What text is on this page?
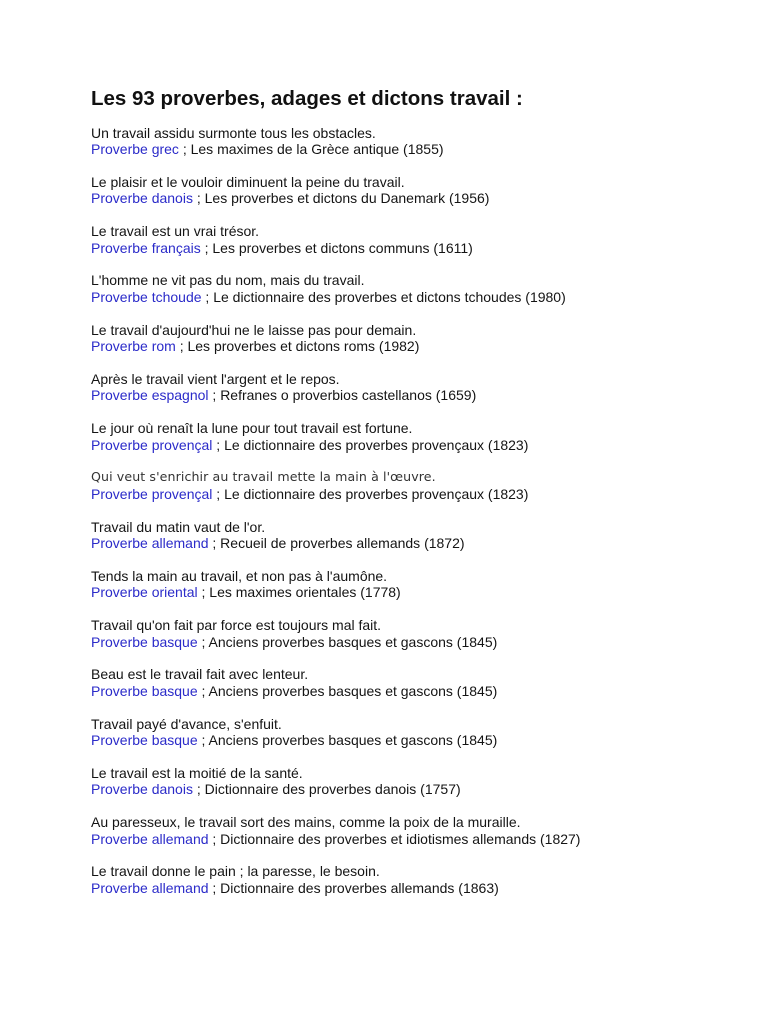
Les 93 proverbes, adages et dictons travail :
Un travail assidu surmonte tous les obstacles.
Proverbe grec ; Les maximes de la Grèce antique (1855)
Le plaisir et le vouloir diminuent la peine du travail.
Proverbe danois ; Les proverbes et dictons du Danemark (1956)
Le travail est un vrai trésor.
Proverbe français ; Les proverbes et dictons communs (1611)
L'homme ne vit pas du nom, mais du travail.
Proverbe tchoude ; Le dictionnaire des proverbes et dictons tchoudes (1980)
Le travail d'aujourd'hui ne le laisse pas pour demain.
Proverbe rom ; Les proverbes et dictons roms (1982)
Après le travail vient l'argent et le repos.
Proverbe espagnol ; Refranes o proverbios castellanos (1659)
Le jour où renaît la lune pour tout travail est fortune.
Proverbe provençal ; Le dictionnaire des proverbes provençaux (1823)
Qui veut s'enrichir au travail mette la main à l'œuvre.
Proverbe provençal ; Le dictionnaire des proverbes provençaux (1823)
Travail du matin vaut de l'or.
Proverbe allemand ; Recueil de proverbes allemands (1872)
Tends la main au travail, et non pas à l'aumône.
Proverbe oriental ; Les maximes orientales (1778)
Travail qu'on fait par force est toujours mal fait.
Proverbe basque ; Anciens proverbes basques et gascons (1845)
Beau est le travail fait avec lenteur.
Proverbe basque ; Anciens proverbes basques et gascons (1845)
Travail payé d'avance, s'enfuit.
Proverbe basque ; Anciens proverbes basques et gascons (1845)
Le travail est la moitié de la santé.
Proverbe danois ; Dictionnaire des proverbes danois (1757)
Au paresseux, le travail sort des mains, comme la poix de la muraille.
Proverbe allemand ; Dictionnaire des proverbes et idiotismes allemands (1827)
Le travail donne le pain ; la paresse, le besoin.
Proverbe allemand ; Dictionnaire des proverbes allemands (1863)
